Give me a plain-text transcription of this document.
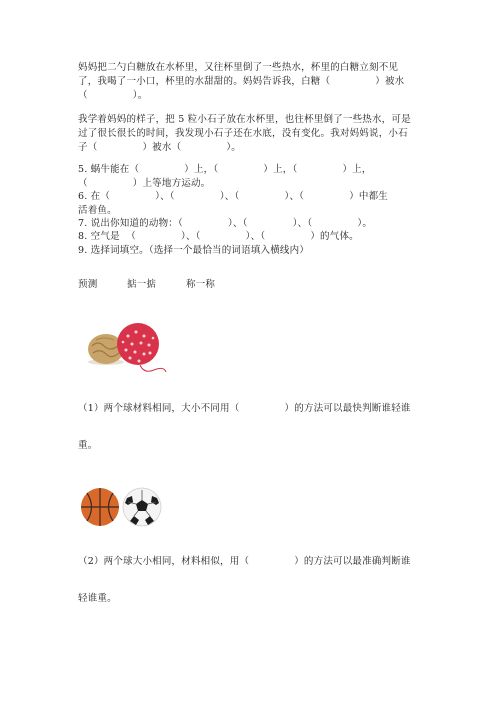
妈妈把二勺白糖放在水杯里，又往杯里倒了一些热水，杯里的白糖立刻不见
了，我喝了一小口，杯里的水甜甜的。妈妈告诉我，白糖（              ）被水
（              ）。
我学着妈妈的样子，把 5 粒小石子放在水杯里，也往杯里倒了一些热水，可是
过了很长很长的时间，我发现小石子还在水底，没有变化。我对妈妈说，小石
子（              ）被水（              ）。
5. 蜗牛能在（              ）上，（              ）上，（              ）上，
（              ）上等地方运动。
6. 在（              ）、（              ）、（              ）、（              ）中都生
活着鱼。
7. 说出你知道的动物：（              ）、（              ）、（              ）。
8. 空气是  （              ）、（              ）、（              ）的气体。
9. 选择词填空。（选择一个最恰当的词语填入横线内）
预测	掂一掂	称一称
（1）两个球材料相同，大小不同用（              ）的方法可以最快判断谁轻谁
重。
（2）两个球大小相同，材料相似，用（              ）的方法可以最准确判断谁
轻谁重。
